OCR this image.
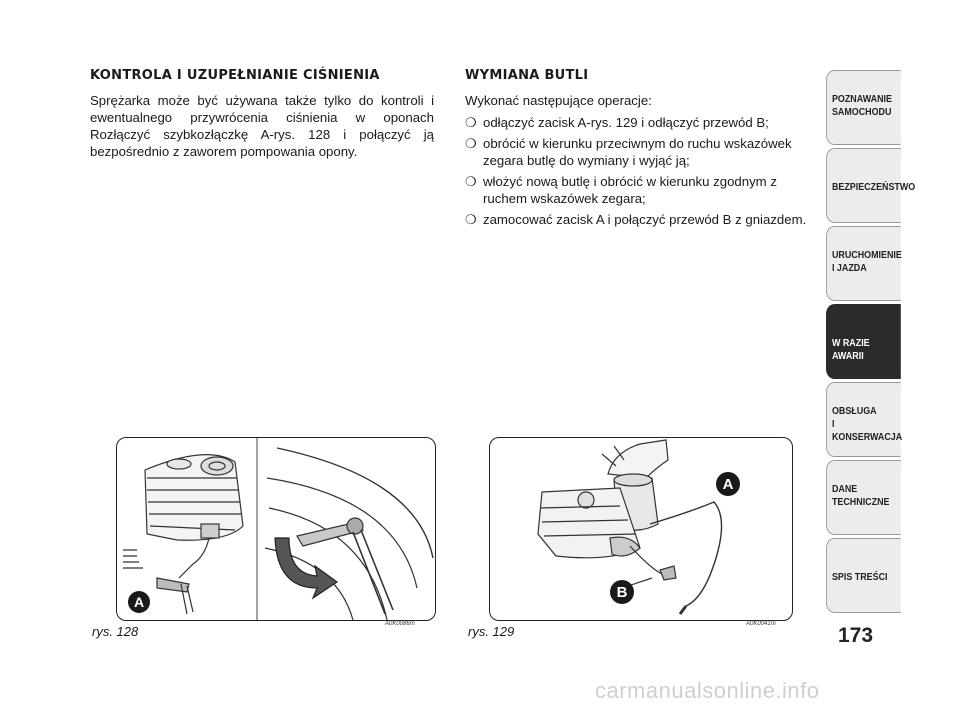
KONTROLA I UZUPEŁNIANIE CIŚNIENIA

Sprężarka może być używana także tylko do kontroli i ewentualnego przywrócenia ciśnienia w oponach Rozłączyć szybkozłączkę A-rys. 128 i połączyć ją bezpośrednio z zaworem pompowania opony.

WYMIANA BUTLI

Wykonać następujące operacje:

❍ odłączyć zacisk A-rys. 129 i odłączyć przewód B;
❍ obrócić w kierunku przeciwnym do ruchu wskazówek zegara butlę do wymiany i wyjąć ją;
❍ włożyć nową butlę i obrócić w kierunku zgodnym z ruchem wskazówek zegara;
❍ zamocować zacisk A i połączyć przewód B z gniazdem.
A
rys. 128	A0K0086m
A
B
rys. 129	A0K0041m
POZNAWANIE
SAMOCHODU
BEZPIECZEŃSTWO
URUCHOMIENIE
I JAZDA
W RAZIE AWARII
OBSŁUGA
I KONSERWACJA
DANE
TECHNICZNE
SPIS TREŚCI
173
carmanualsonline.info
